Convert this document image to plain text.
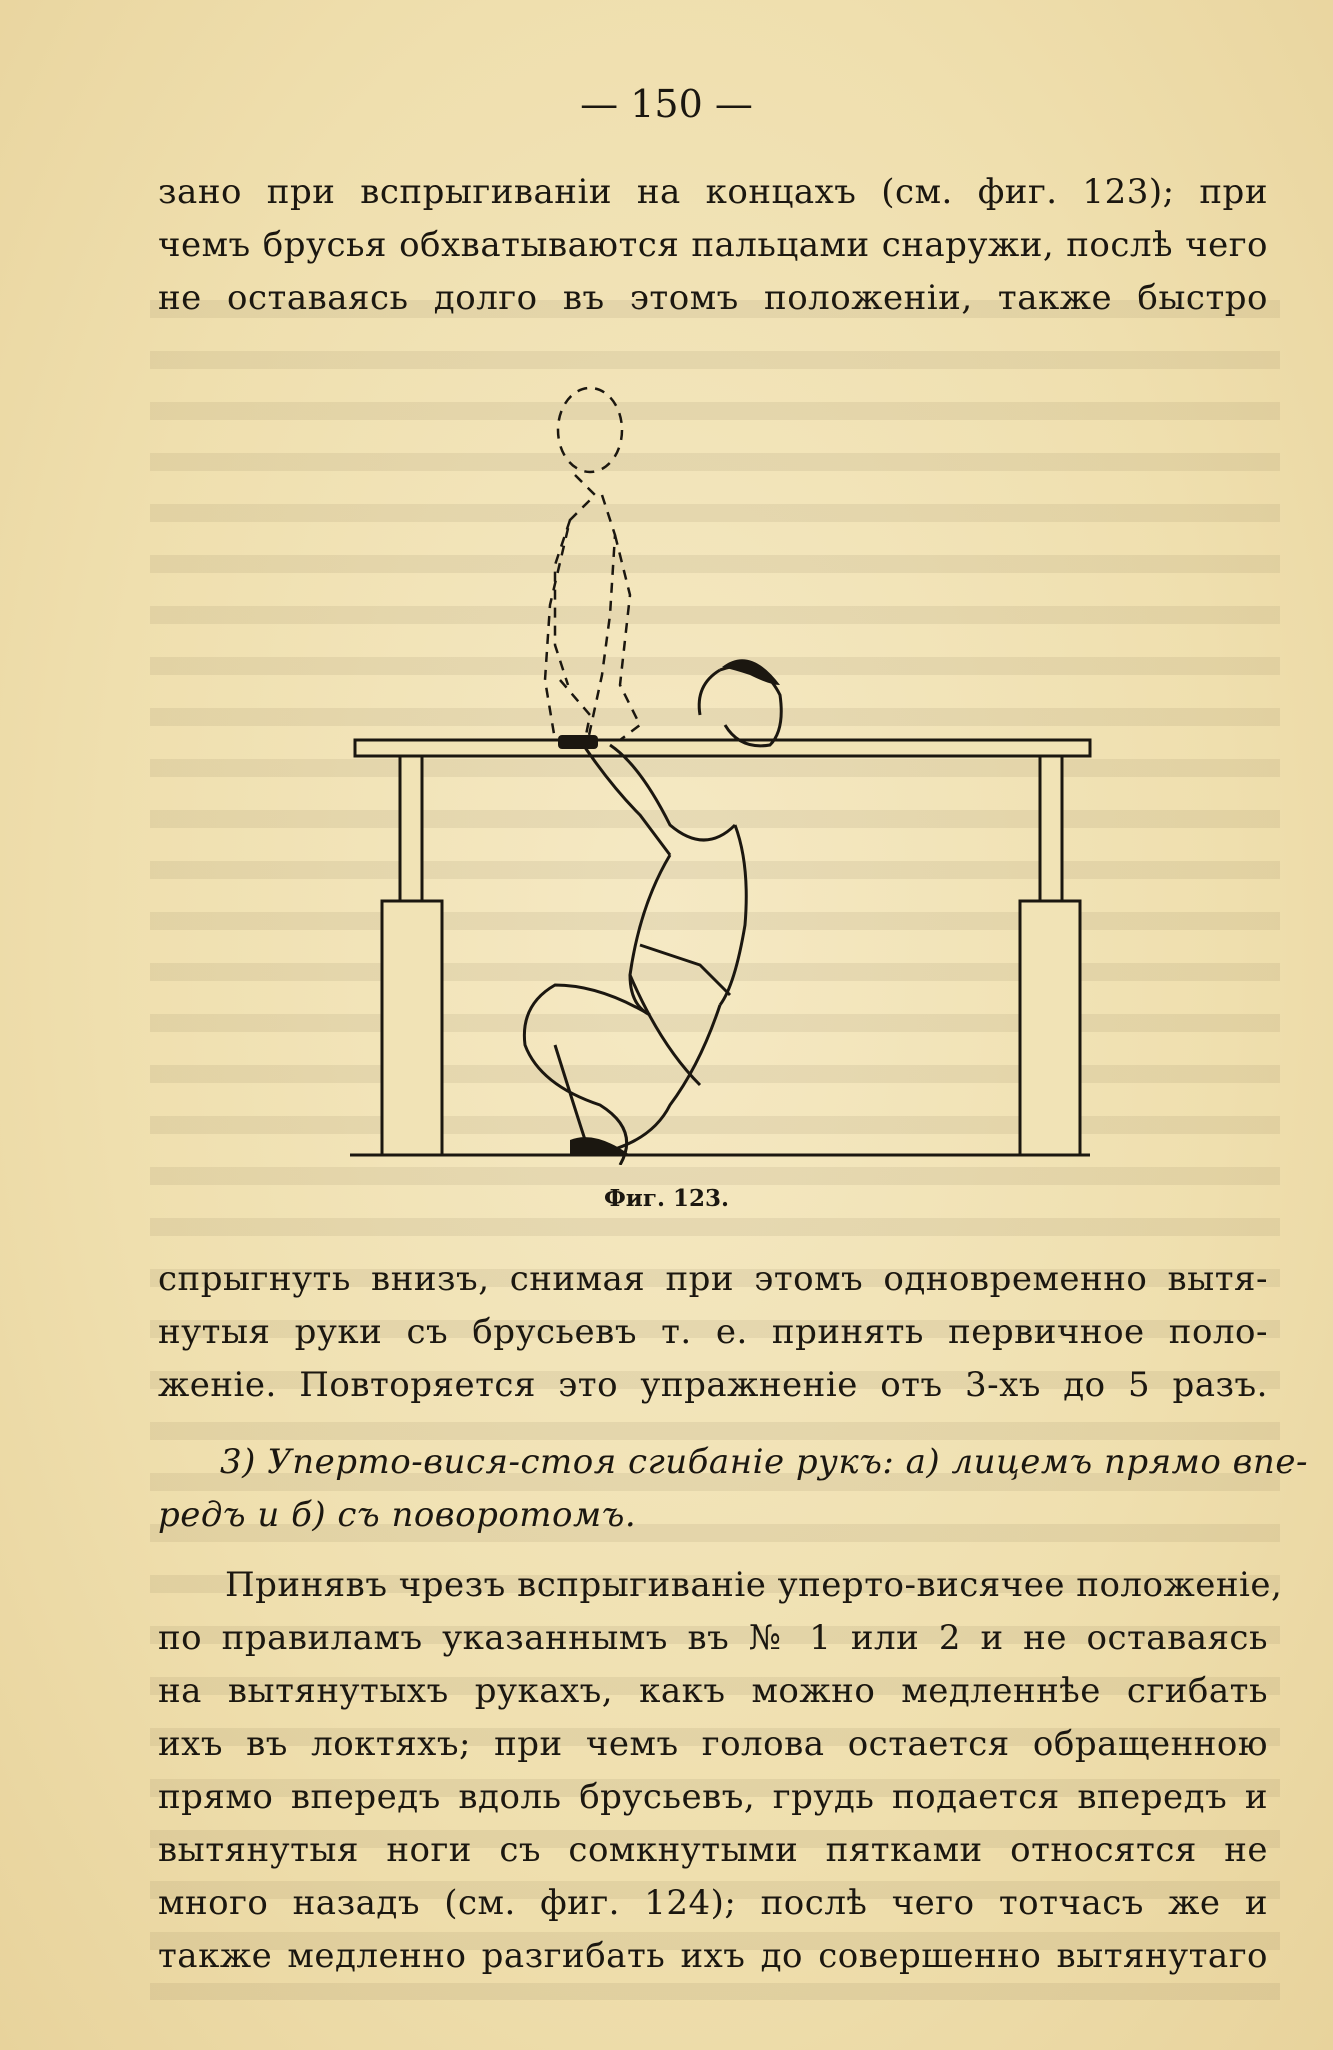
— 150 —

зано при вспрыгиванiи на концахъ (см. фиг. 123); при

чемъ брусья обхватываются пальцами снаружи, послѣ чего

не оставаясь долго въ этомъ положенiи, также быстро

Фиг. 123.

спрыгнуть внизъ, снимая при этомъ одновременно вытя-

нутыя руки съ брусьевъ т. е. принять первичное поло-

женiе. Повторяется это упражненiе отъ 3-хъ до 5 разъ.

3) Уперто-вися-стоя сгибанiе рукъ: а) лицемъ прямо впе-

редъ и б) съ поворотомъ.

Принявъ чрезъ вспрыгиванiе уперто-висячее положенiе,

по правиламъ указаннымъ въ № 1 или 2 и не оставаясь

на вытянутыхъ рукахъ, какъ можно медленнѣе сгибать

ихъ въ локтяхъ; при чемъ голова остается обращенною

прямо впередъ вдоль брусьевъ, грудь подается впередъ и

вытянутыя ноги съ сомкнутыми пятками относятся не

много назадъ (см. фиг. 124); послѣ чего тотчасъ же и

также медленно разгибать ихъ до совершенно вытянутаго
